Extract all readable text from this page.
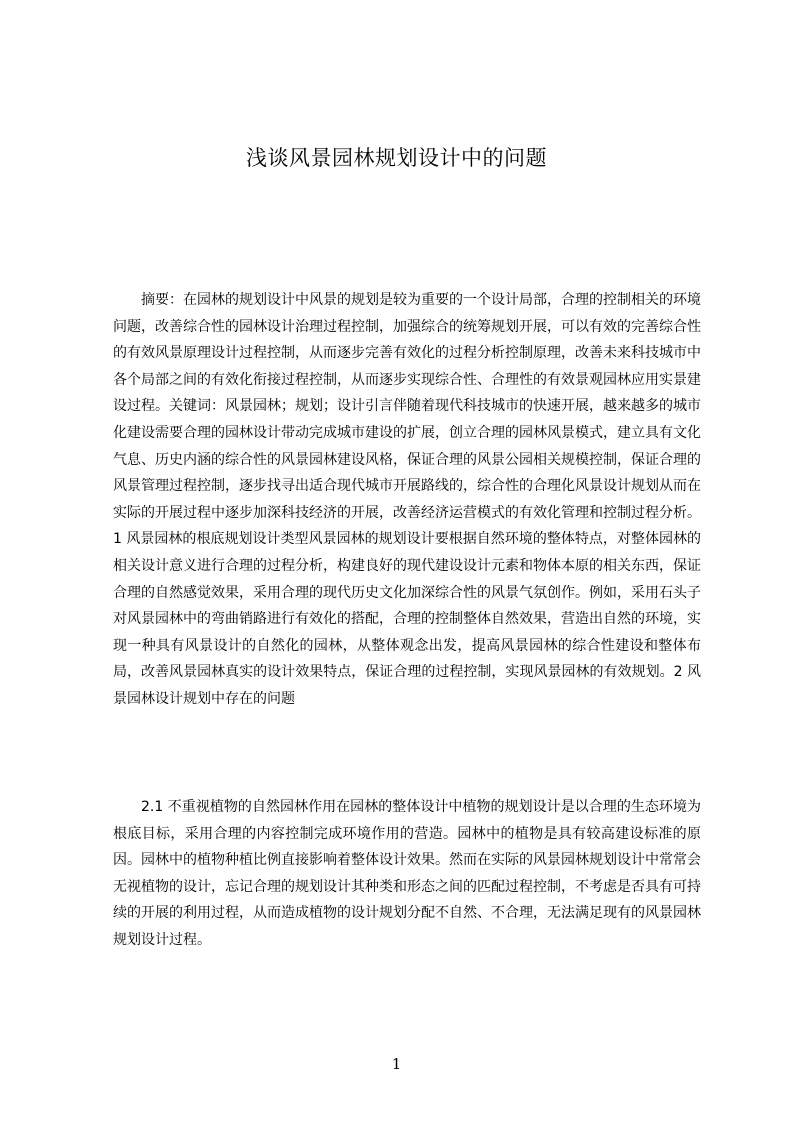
浅谈风景园林规划设计中的问题

摘要：在园林的规划设计中风景的规划是较为重要的一个设计局部，合理的控制相关的环境问题，改善综合性的园林设计治理过程控制，加强综合的统筹规划开展，可以有效的完善综合性的有效风景原理设计过程控制，从而逐步完善有效化的过程分析控制原理，改善未来科技城市中各个局部之间的有效化衔接过程控制，从而逐步实现综合性、合理性的有效景观园林应用实景建设过程。关键词：风景园林；规划；设计引言伴随着现代科技城市的快速开展，越来越多的城市化建设需要合理的园林设计带动完成城市建设的扩展，创立合理的园林风景模式，建立具有文化气息、历史内涵的综合性的风景园林建设风格，保证合理的风景公园相关规模控制，保证合理的风景管理过程控制，逐步找寻出适合现代城市开展路线的，综合性的合理化风景设计规划从而在实际的开展过程中逐步加深科技经济的开展，改善经济运营模式的有效化管理和控制过程分析。1 风景园林的根底规划设计类型风景园林的规划设计要根据自然环境的整体特点，对整体园林的相关设计意义进行合理的过程分析，构建良好的现代建设设计元素和物体本原的相关东西，保证合理的自然感觉效果，采用合理的现代历史文化加深综合性的风景气氛创作。例如，采用石头子对风景园林中的弯曲销路进行有效化的搭配，合理的控制整体自然效果，营造出自然的环境，实现一种具有风景设计的自然化的园林，从整体观念出发，提高风景园林的综合性建设和整体布局，改善风景园林真实的设计效果特点，保证合理的过程控制，实现风景园林的有效规划。2 风景园林设计规划中存在的问题

2.1 不重视植物的自然园林作用在园林的整体设计中植物的规划设计是以合理的生态环境为根底目标，采用合理的内容控制完成环境作用的营造。园林中的植物是具有较高建设标准的原因。园林中的植物种植比例直接影响着整体设计效果。然而在实际的风景园林规划设计中常常会无视植物的设计，忘记合理的规划设计其种类和形态之间的匹配过程控制，不考虑是否具有可持续的开展的利用过程，从而造成植物的设计规划分配不自然、不合理，无法满足现有的风景园林规划设计过程。

1
